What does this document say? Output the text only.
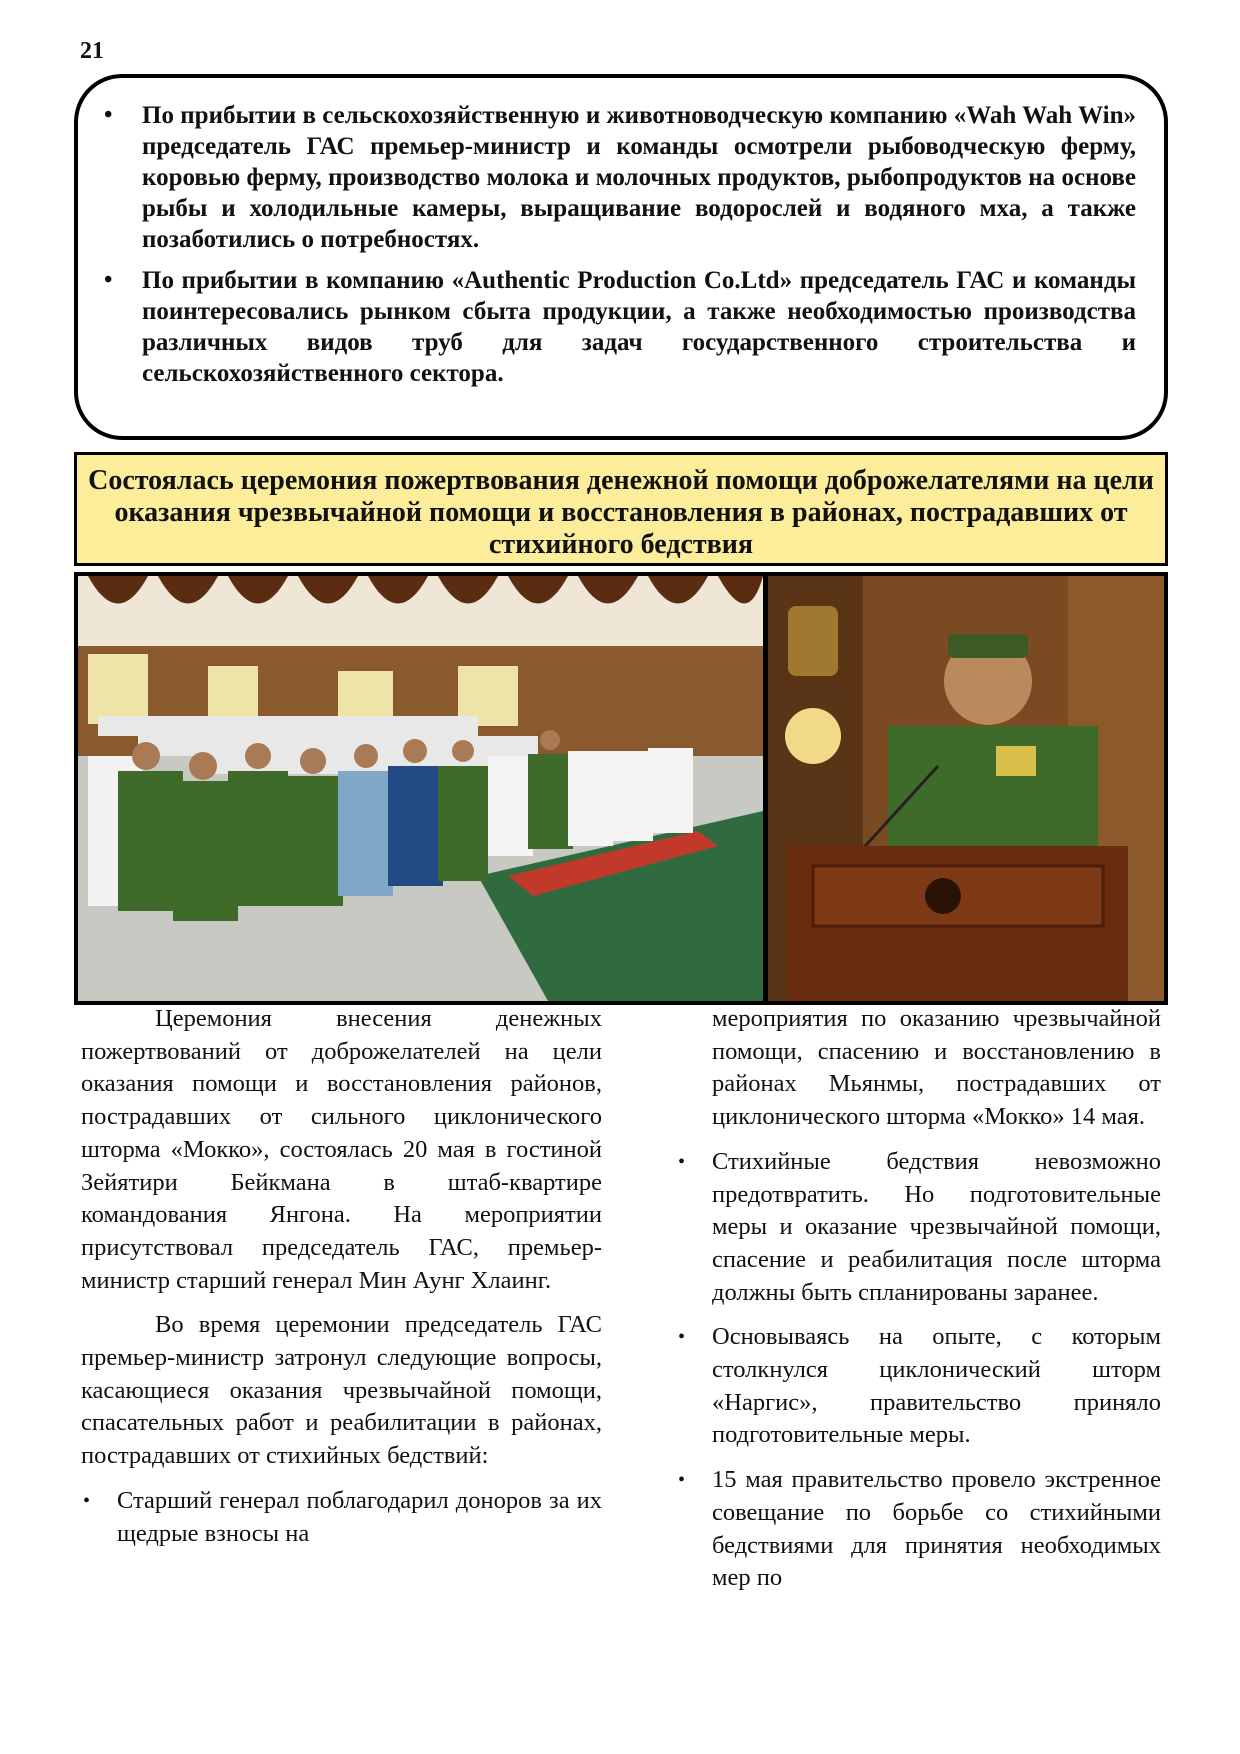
21
• По прибытии в сельскохозяйственную и животноводческую компанию «Wah Wah Win» председатель ГАС премьер-министр и команды осмотрели рыбоводческую ферму, коровью ферму, производство молока и молочных продуктов, рыбопродуктов на основе рыбы и холодильные камеры, выращивание водорослей и водяного мха, а также позаботились о потребностях.
• По прибытии в компанию «Authentic Production Co.Ltd» председатель ГАС и команды поинтересовались рынком сбыта продукции, а также необходимостью производства различных видов труб для задач государственного строительства и сельскохозяйственного сектора.
Состоялась церемония пожертвования денежной помощи доброжелателями на цели оказания чрезвычайной помощи и восстановления в районах, пострадавших от стихийного бедствия

Церемония внесения денежных пожертвований от доброжелателей на цели оказания помощи и восстановления районов, пострадавших от сильного циклонического шторма «Мокко», состоялась 20 мая в гостиной Зейятири Бейкмана в штаб-квартире командования Янгона. На мероприятии присутствовал председатель ГАС, премьер-министр старший генерал Мин Аунг Хлаинг.

Во время церемонии председатель ГАС премьер-министр затронул следующие вопросы, касающиеся оказания чрезвычайной помощи, спасательных работ и реабилитации в районах, пострадавших от стихийных бедствий:

• Старший генерал поблагодарил доноров за их щедрые взносы на
мероприятия по оказанию чрезвычайной помощи, спасению и восстановлению в районах Мьянмы, пострадавших от циклонического шторма «Мокко» 14 мая.
• Стихийные бедствия невозможно предотвратить. Но подготовительные меры и оказание чрезвычайной помощи, спасение и реабилитация после шторма должны быть спланированы заранее.
• Основываясь на опыте, с которым столкнулся циклонический шторм «Наргис», правительство приняло подготовительные меры.
• 15 мая правительство провело экстренное совещание по борьбе со стихийными бедствиями для принятия необходимых мер по
